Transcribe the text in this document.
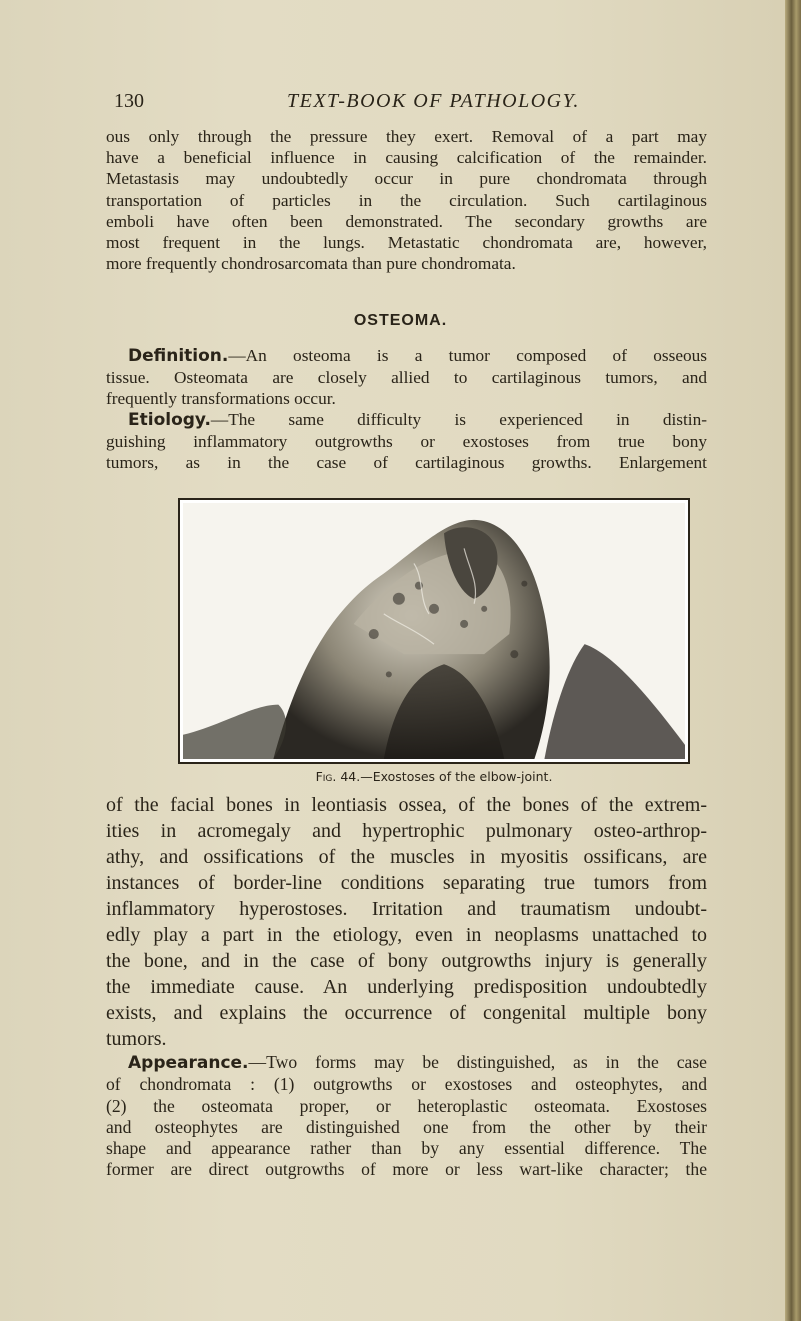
130	TEXT-BOOK OF PATHOLOGY.
ous only through the pressure they exert. Removal of a part may
have a beneficial influence in causing calcification of the remainder.
Metastasis may undoubtedly occur in pure chondromata through
transportation of particles in the circulation. Such cartilaginous
emboli have often been demonstrated. The secondary growths are
most frequent in the lungs. Metastatic chondromata are, however,
more frequently chondrosarcomata than pure chondromata.
OSTEOMA.
Definition.—An osteoma is a tumor composed of osseous
tissue. Osteomata are closely allied to cartilaginous tumors, and
frequently transformations occur.
Etiology.—The same difficulty is experienced in distin-
guishing inflammatory outgrowths or exostoses from true bony
tumors, as in the case of cartilaginous growths. Enlargement
Fig. 44.—Exostoses of the elbow-joint.
of the facial bones in leontiasis ossea, of the bones of the extrem-
ities in acromegaly and hypertrophic pulmonary osteo-arthrop-
athy, and ossifications of the muscles in myositis ossificans, are
instances of border-line conditions separating true tumors from
inflammatory hyperostoses. Irritation and traumatism undoubt-
edly play a part in the etiology, even in neoplasms unattached to
the bone, and in the case of bony outgrowths injury is generally
the immediate cause. An underlying predisposition undoubtedly
exists, and explains the occurrence of congenital multiple bony
tumors.
Appearance.—Two forms may be distinguished, as in the case
of chondromata : (1) outgrowths or exostoses and osteophytes, and
(2) the osteomata proper, or heteroplastic osteomata. Exostoses
and osteophytes are distinguished one from the other by their
shape and appearance rather than by any essential difference. The
former are direct outgrowths of more or less wart-like character; the
